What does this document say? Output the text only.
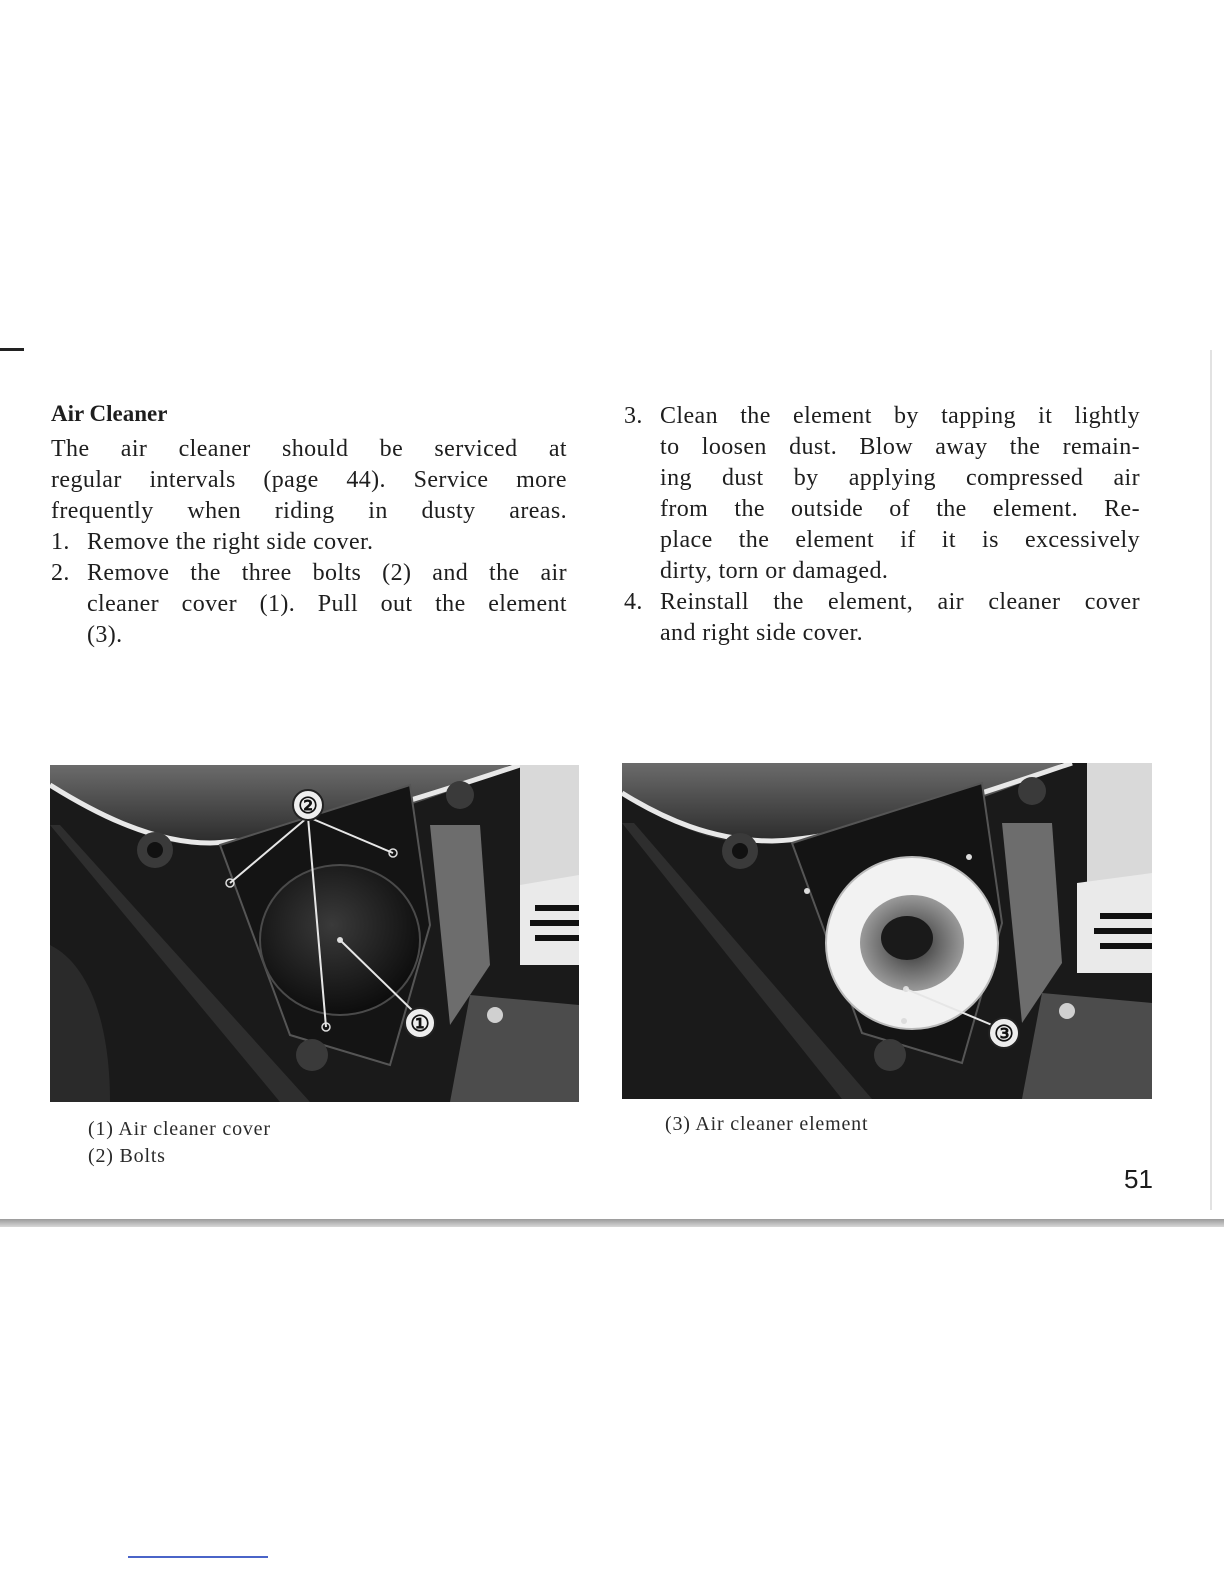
Air Cleaner
The air cleaner should be serviced at
regular intervals (page 44). Service more
frequently when riding in dusty areas.
1. Remove the right side cover.
2. Remove the three bolts (2) and the air
cleaner cover (1). Pull out the element
(3).
3. Clean the element by tapping it lightly
to loosen dust. Blow away the remain-
ing dust by applying compressed air
from the outside of the element. Re-
place the element if it is excessively
dirty, torn or damaged.
4. Reinstall the element, air cleaner cover
and right side cover.
②
①	③
(1) Air cleaner cover
(2) Bolts
(3) Air cleaner element
51
